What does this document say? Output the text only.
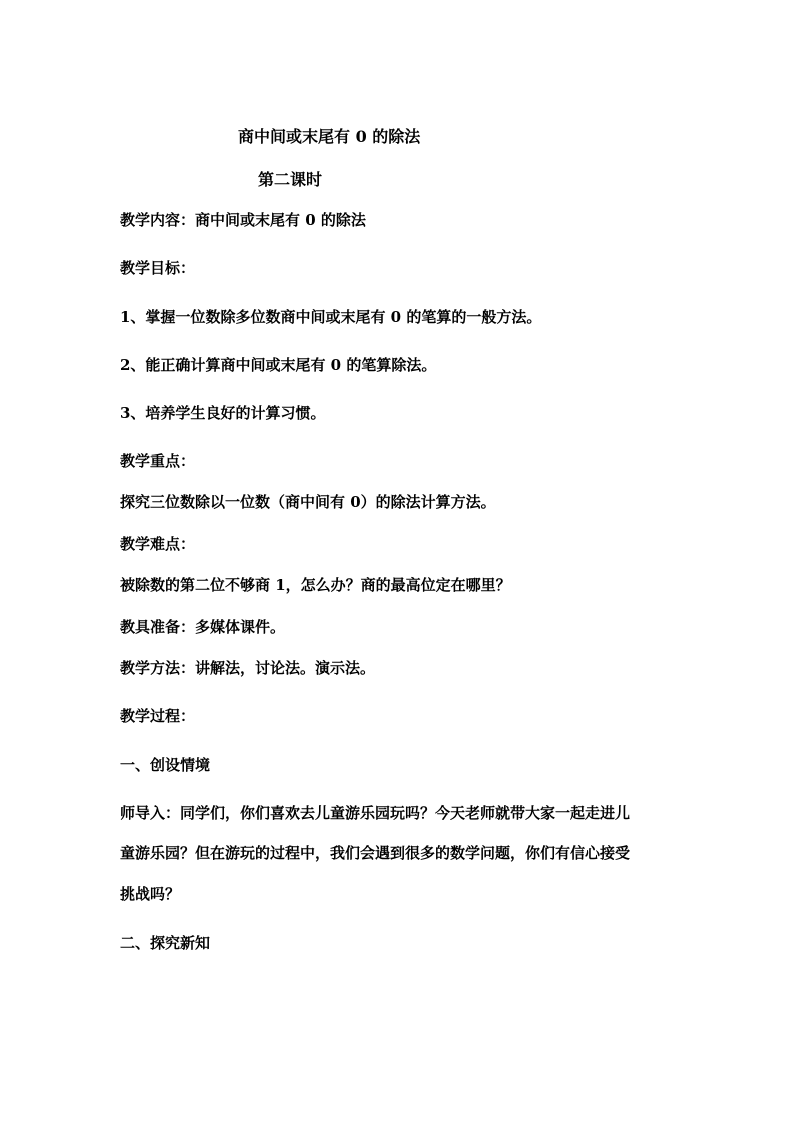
商中间或末尾有 0 的除法
第二课时
教学内容：商中间或末尾有 0 的除法
教学目标：
1、掌握一位数除多位数商中间或末尾有 0 的笔算的一般方法。
2、能正确计算商中间或末尾有 0 的笔算除法。
3、培养学生良好的计算习惯。
教学重点：
探究三位数除以一位数（商中间有 0）的除法计算方法。
教学难点：
被除数的第二位不够商 1，怎么办？商的最高位定在哪里？
教具准备：多媒体课件。
教学方法：讲解法，讨论法。演示法。
教学过程：
一、创设情境
师导入：同学们，你们喜欢去儿童游乐园玩吗？今天老师就带大家一起走进儿
童游乐园？但在游玩的过程中，我们会遇到很多的数学问题，你们有信心接受
挑战吗？
二、探究新知
